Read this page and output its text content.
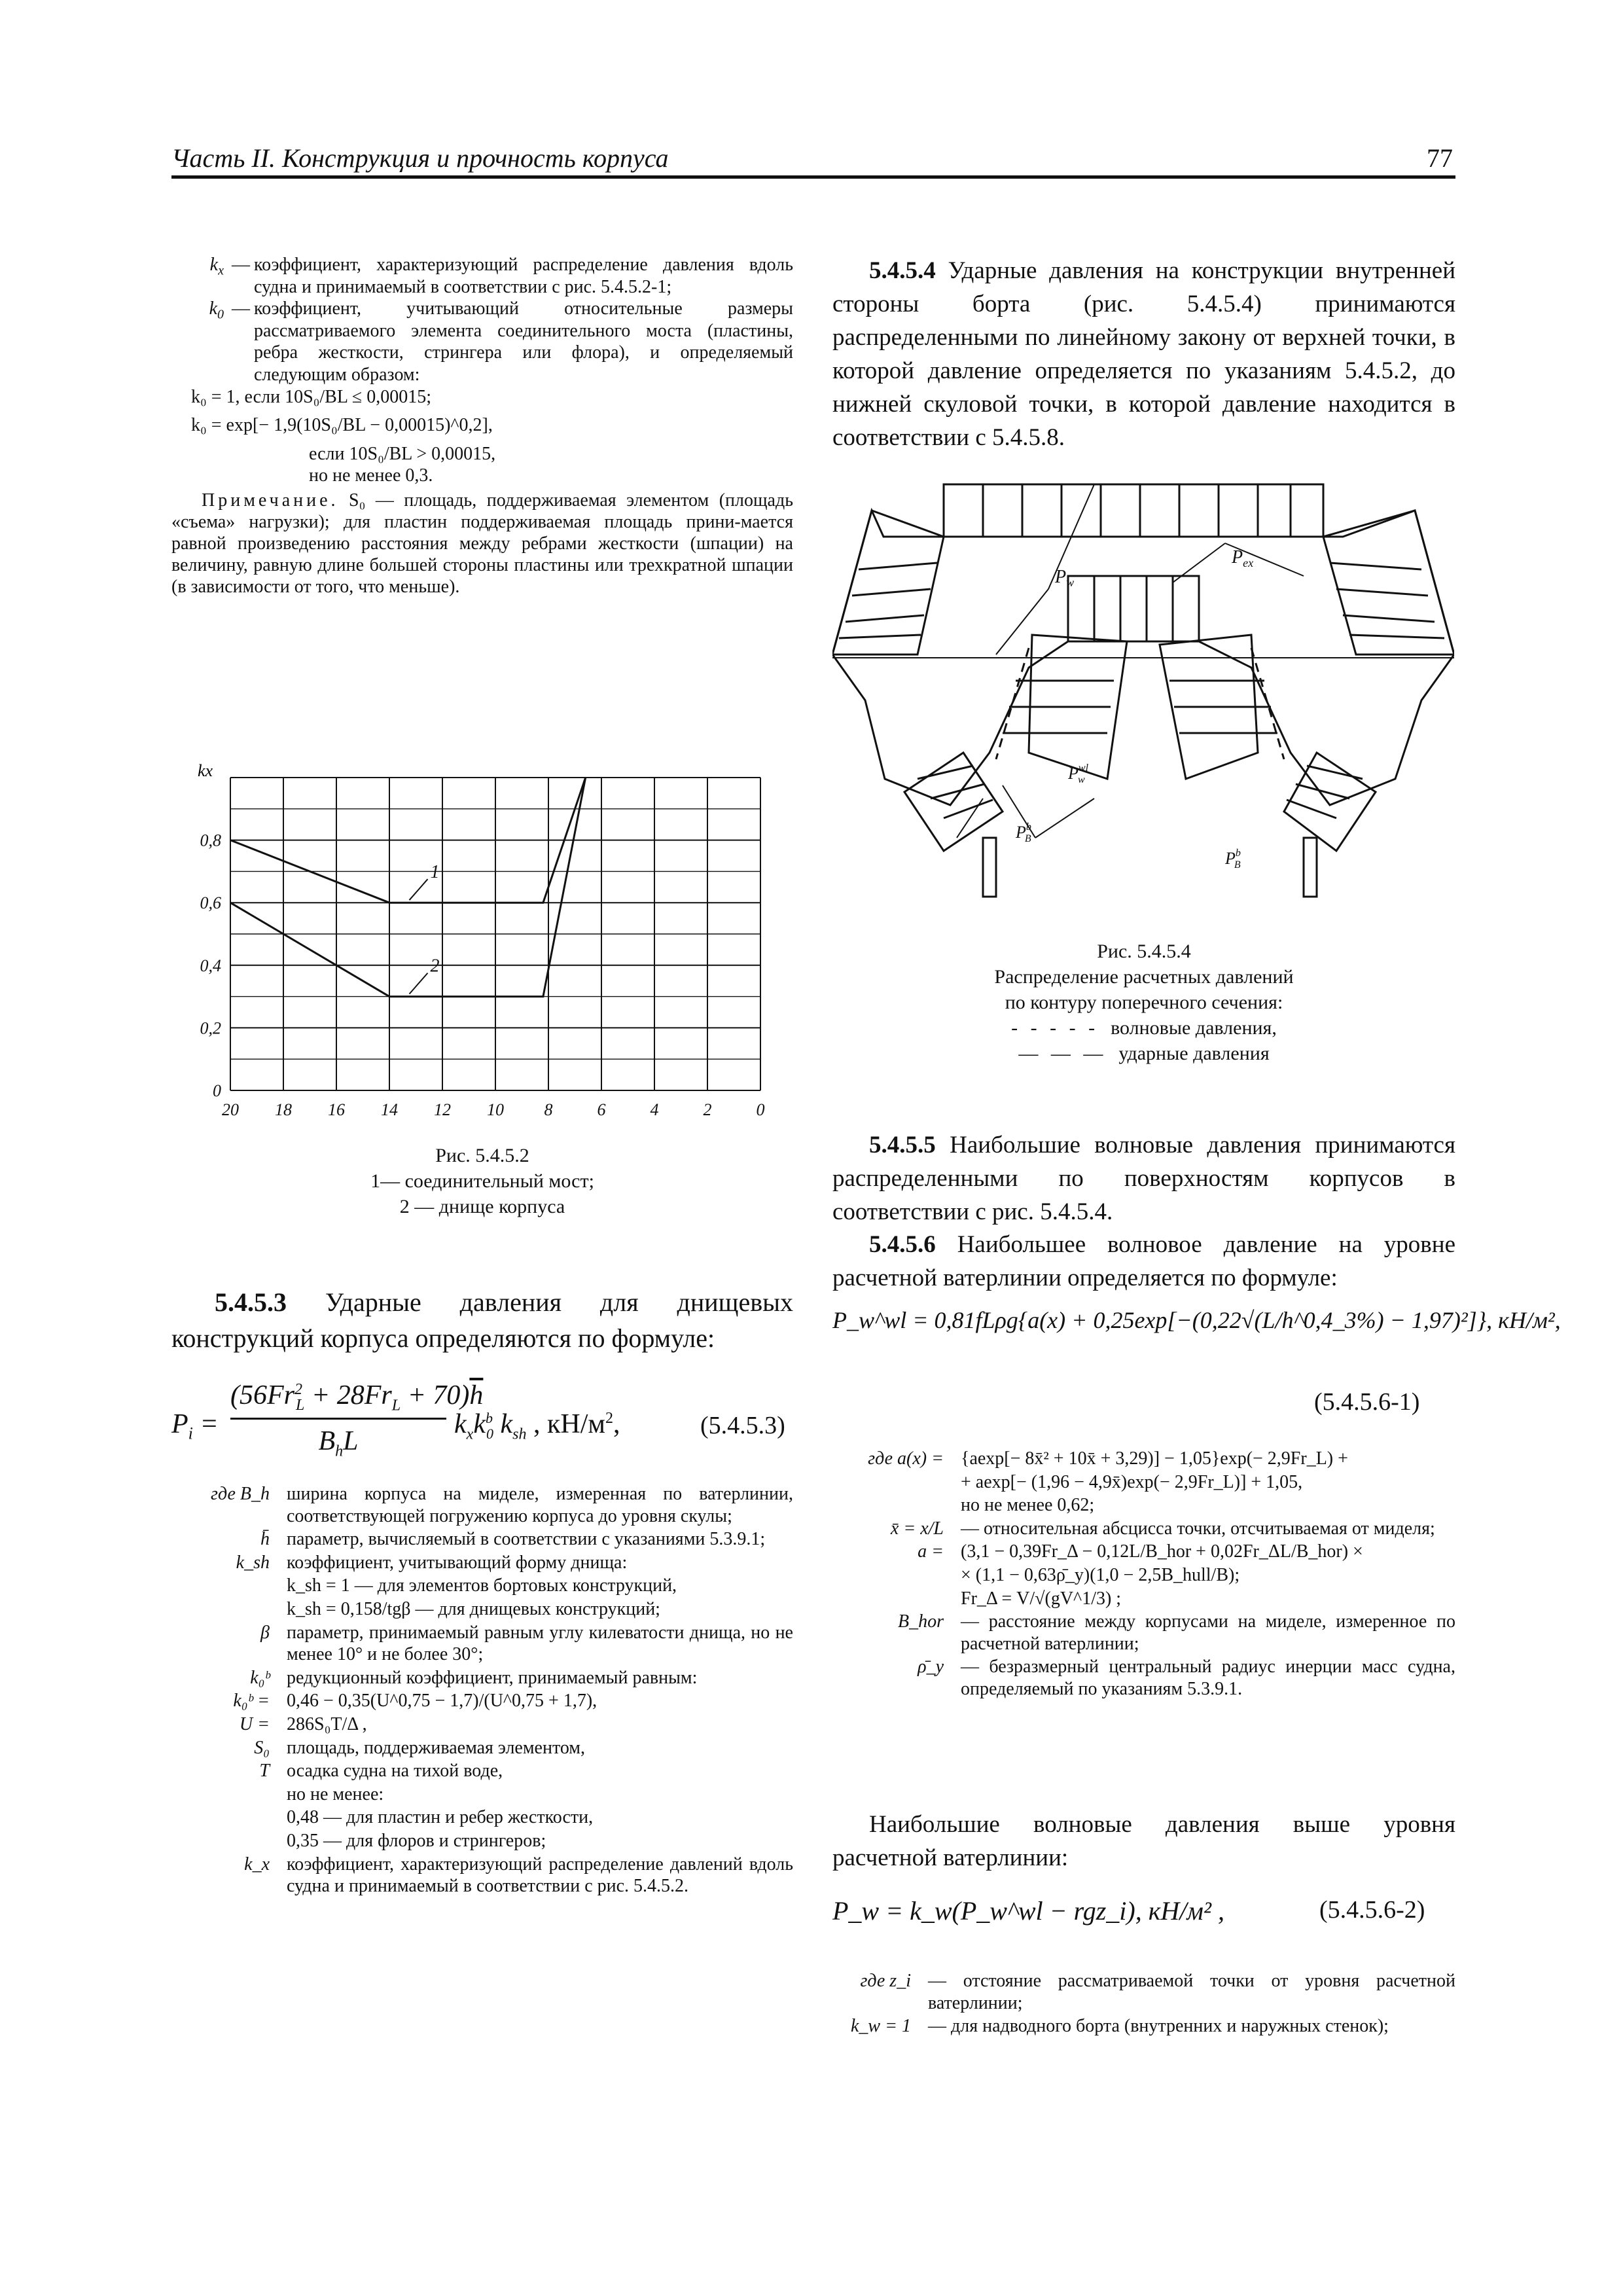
Часть II. Конструкция и прочность корпуса	77
$k_x$ — коэффициент, характеризующий распределение давления вдоль судна и принимаемый в соответствии с рис. 5.4.5.2-1;
$k_0$ — коэффициент, учитывающий относительные размеры рассматриваемого элемента соединительного моста (пластины, ребра жесткости, стрингера или флора), и определяемый следующим образом:
k₀ = 1, если 10S₀/BL ≤ 0,00015;
k₀ = exp[− 1,9(10S₀/BL − 0,00015)^0,2],
если 10S₀/BL > 0,00015,
но не менее 0,3.
Примечание. S₀ — площадь, поддерживаемая элементом (площадь «съема» нагрузки); для пластин поддерживаемая площадь прини-мается равной произведению расстояния между ребрами жесткости (шпации) на величину, равную длине большей стороны пластины или трехкратной шпации (в зависимости от того, что меньше).
kx
0
0,2
0,4
0,6
0,8
20 18 16 14 12 10 8	6	4	2	0
1
2
Рис. 5.4.5.2
1— соединительный мост;
2 — днище корпуса
5.4.5.3 Ударные давления для днищевых конструкций корпуса определяются по формуле:
$P_i$ =
$(56Fr^2_L + 28Fr_L + 70)\overline{h}$
$B_hL$
$k_xk^b_0$ $k_{sh}$ , $кН/м^2$,	(5.4.5.3)
где B_h ширина корпуса на миделе, измеренная по ватерлинии, соответствующей погружению корпуса до уровня скулы;
h̄ параметр, вычисляемый в соответствии с указаниями 5.3.9.1;
k_sh коэффициент, учитывающий форму днища:
k_sh = 1 — для элементов бортовых конструкций,
k_sh = 0,158/tgβ — для днищевых конструкций;
β параметр, принимаемый равным углу килеватости днища, но не менее 10° и не более 30°;
k₀ᵇ редукционный коэффициент, принимаемый равным:
k₀ᵇ = 0,46 − 0,35(U^0,75 − 1,7)/(U^0,75 + 1,7),
U = 286S₀T/Δ ,
S₀ площадь, поддерживаемая элементом,
T осадка судна на тихой воде,
но не менее:
0,48 — для пластин и ребер жесткости,
0,35 — для флоров и стрингеров;
k_x коэффициент, характеризующий распределение давлений вдоль судна и принимаемый в соответствии с рис. 5.4.5.2.
5.4.5.4 Ударные давления на конструкции внутренней стороны борта (рис. 5.4.5.4) принимаются распределенными по линейному закону от верхней точки, в которой давление определяется по указаниям 5.4.5.2, до нижней скуловой точки, в которой давление находится в соответствии с 5.4.5.8.
$P_w$
$P_{ex}$
$P^{wl}$ w
$P^b$ B
$P^b$ B
Рис. 5.4.5.4
Распределение расчетных давлений
по контуру поперечного сечения:
- - - - - волновые давления,
— — — ударные давления
5.4.5.5 Наибольшие волновые давления принимаются распределенными по поверхностям корпусов в соответствии с рис. 5.4.5.4.
5.4.5.6 Наибольшее волновое давление на уровне расчетной ватерлинии определяется по формуле:
P_w^wl = 0,81fLρg{a(x) + 0,25exp[−(0,22√(L/h^0,4_3%) − 1,97)²]}, кН/м²,
(5.4.5.6-1)
где a(x) = {aexp[− 8x̄² + 10x̄ + 3,29)] − 1,05}exp(− 2,9Fr_L) +
+ aexp[− (1,96 − 4,9x̄)exp(− 2,9Fr_L)] + 1,05,
но не менее 0,62;
x̄ = x/L — относительная абсцисса точки, отсчитываемая от миделя;
a = (3,1 − 0,39Fr_Δ − 0,12L/B_hor + 0,02Fr_ΔL/B_hor) ×
× (1,1 − 0,63ρ̄_y)(1,0 − 2,5B_hull/B);
Fr_Δ = V/√(gV^1/3) ;
B_hor — расстояние между корпусами на миделе, измеренное по расчетной ватерлинии;
ρ̄_y — безразмерный центральный радиус инерции масс судна, определяемый по указаниям 5.3.9.1.
Наибольшие волновые давления выше уровня расчетной ватерлинии:
P_w = k_w(P_w^wl − rgz_i), кН/м² ,	(5.4.5.6-2)
где z_i — отстояние рассматриваемой точки от уровня расчетной ватерлинии;
k_w = 1 — для надводного борта (внутренних и наружных стенок);
